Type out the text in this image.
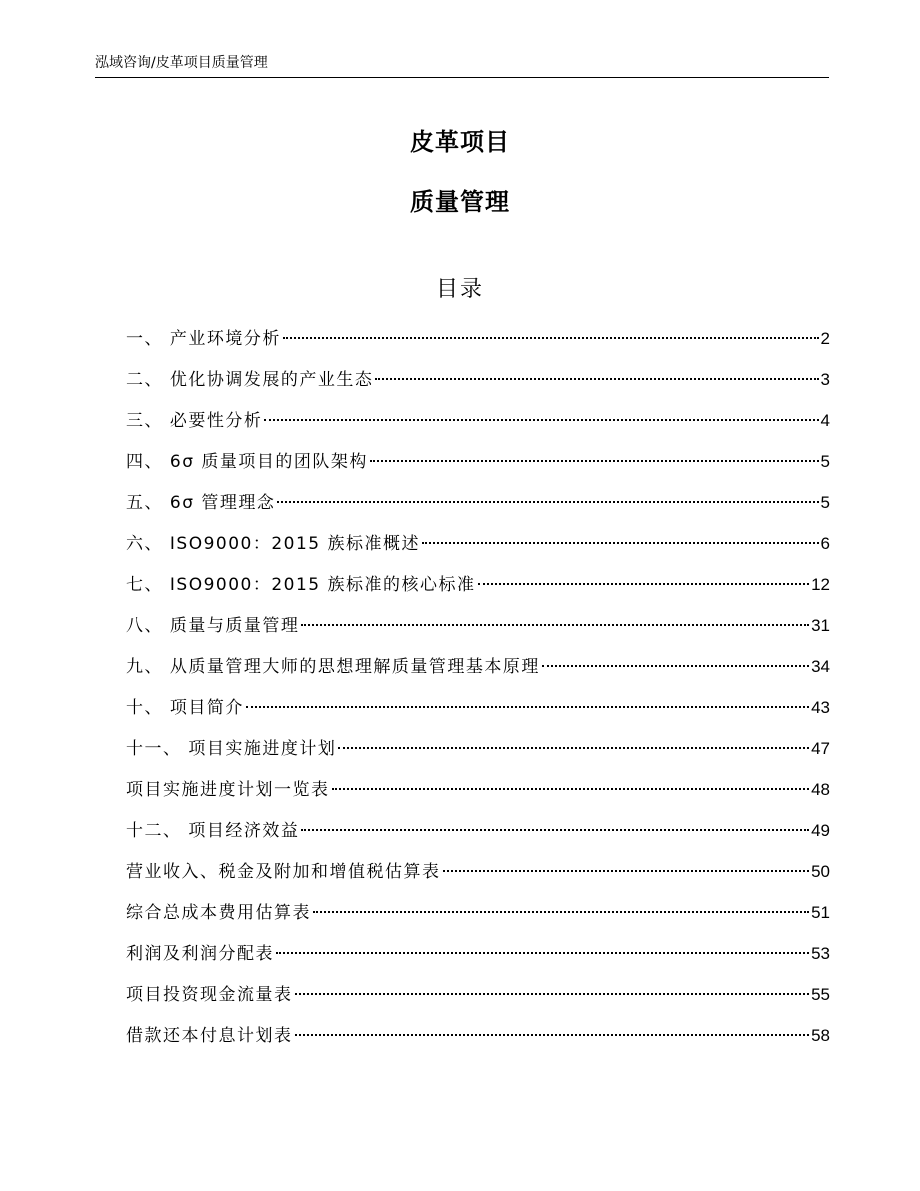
泓域咨询/皮革项目质量管理
皮革项目
质量管理
目录
一、 产业环境分析	2
二、 优化协调发展的产业生态	3
三、 必要性分析	4
四、 6σ 质量项目的团队架构	5
五、 6σ 管理理念	5
六、 ISO9000：2015 族标准概述	6
七、 ISO9000：2015 族标准的核心标准	12
八、 质量与质量管理	31
九、 从质量管理大师的思想理解质量管理基本原理	34
十、 项目简介	43
十一、 项目实施进度计划	47
项目实施进度计划一览表	48
十二、 项目经济效益	49
营业收入、税金及附加和增值税估算表	50
综合总成本费用估算表	51
利润及利润分配表	53
项目投资现金流量表	55
借款还本付息计划表	58
